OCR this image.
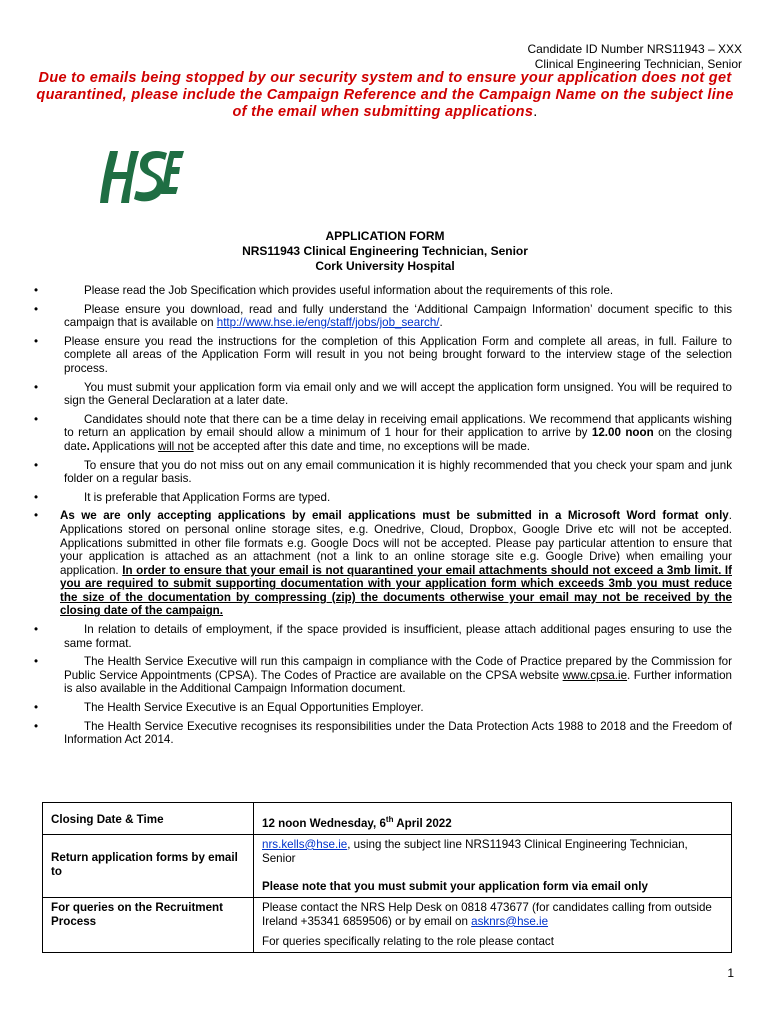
Candidate ID Number NRS11943 – XXX
Clinical Engineering Technician, Senior
Due to emails being stopped by our security system and to ensure your application does not get quarantined, please include the Campaign Reference and the Campaign Name on the subject line of the email when submitting applications.
APPLICATION FORM
NRS11943 Clinical Engineering Technician, Senior
Cork University Hospital
•	Please read the Job Specification which provides useful information about the requirements of this role.
•	Please ensure you download, read and fully understand the ‘Additional Campaign Information’ document specific to this campaign that is available on http://www.hse.ie/eng/staff/jobs/job_search/.
• Please ensure you read the instructions for the completion of this Application Form and complete all areas, in full. Failure to complete all areas of the Application Form will result in you not being brought forward to the interview stage of the selection process.
•	You must submit your application form via email only and we will accept the application form unsigned. You will be required to sign the General Declaration at a later date.
•	Candidates should note that there can be a time delay in receiving email applications. We recommend that applicants wishing to return an application by email should allow a minimum of 1 hour for their application to arrive by 12.00 noon on the closing date. Applications will not be accepted after this date and time, no exceptions will be made.
•	To ensure that you do not miss out on any email communication it is highly recommended that you check your spam and junk folder on a regular basis.
•	It is preferable that Application Forms are typed.
• As we are only accepting applications by email applications must be submitted in a Microsoft Word format only. Applications stored on personal online storage sites, e.g. Onedrive, Cloud, Dropbox, Google Drive etc will not be accepted. Applications submitted in other file formats e.g. Google Docs will not be accepted. Please pay particular attention to ensure that your application is attached as an attachment (not a link to an online storage site e.g. Google Drive) when emailing your application. In order to ensure that your email is not quarantined your email attachments should not exceed a 3mb limit. If you are required to submit supporting documentation with your application form which exceeds 3mb you must reduce the size of the documentation by compressing (zip) the documents otherwise your email may not be received by the closing date of the campaign.
•	In relation to details of employment, if the space provided is insufficient, please attach additional pages ensuring to use the same format.
•	The Health Service Executive will run this campaign in compliance with the Code of Practice prepared by the Commission for Public Service Appointments (CPSA). The Codes of Practice are available on the CPSA website www.cpsa.ie. Further information is also available in the Additional Campaign Information document.
•	The Health Service Executive is an Equal Opportunities Employer.
•	The Health Service Executive recognises its responsibilities under the Data Protection Acts 1988 to 2018 and the Freedom of Information Act 2014.
Closing Date & Time	12 noon Wednesday, 6th April 2022
Return application forms by email to	nrs.kells@hse.ie, using the subject line NRS11943 Clinical Engineering Technician, Senior
Please note that you must submit your application form via email only

For queries on the Recruitment Process	Please contact the NRS Help Desk on 0818 473677 (for candidates calling from outside Ireland +35341 6859506) or by email on asknrs@hse.ie
For queries specifically relating to the role please contact
1
